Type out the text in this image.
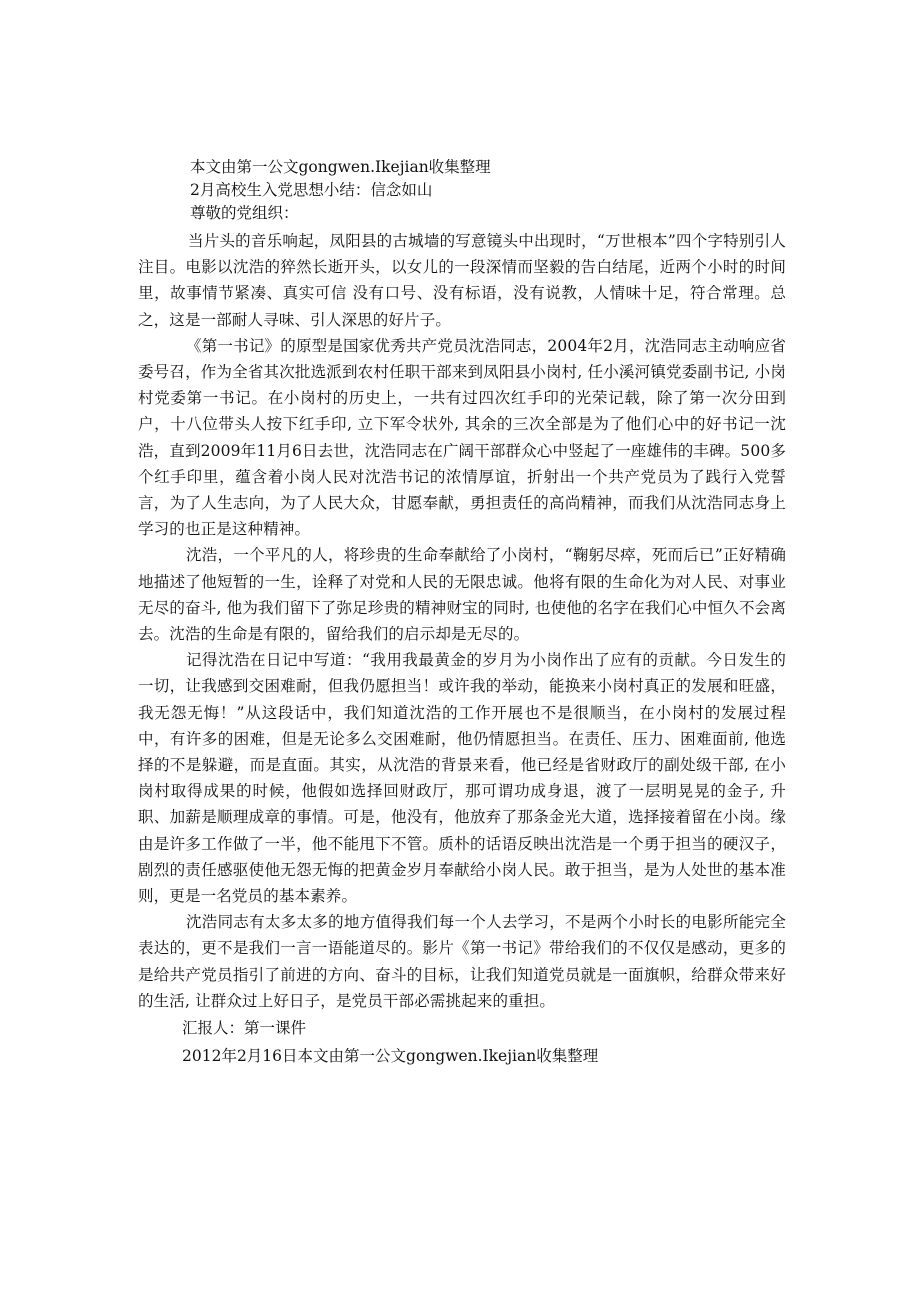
本文由第一公文gongwen.Ikejian收集整理

2月高校生入党思想小结：信念如山

尊敬的党组织：

当片头的音乐响起，凤阳县的古城墙的写意镜头中出现时，“万世根本”四个字特别引人注目。电影以沈浩的猝然长逝开头，以女儿的一段深情而坚毅的告白结尾，近两个小时的时间里，故事情节紧凑、真实可信 没有口号、没有标语，没有说教，人情味十足，符合常理。总之，这是一部耐人寻味、引人深思的好片子。

《第一书记》的原型是国家优秀共产党员沈浩同志，2004年2月，沈浩同志主动响应省委号召，作为全省其次批选派到农村任职干部来到凤阳县小岗村, 任小溪河镇党委副书记, 小岗村党委第一书记。在小岗村的历史上，一共有过四次红手印的光荣记载，除了第一次分田到户，十八位带头人按下红手印, 立下军令状外, 其余的三次全部是为了他们心中的好书记一沈浩，直到2009年11月6日去世，沈浩同志在广阔干部群众心中竖起了一座雄伟的丰碑。500多个红手印里，蕴含着小岗人民对沈浩书记的浓情厚谊，折射出一个共产党员为了践行入党誓言，为了人生志向，为了人民大众，甘愿奉献，勇担责任的高尚精神，而我们从沈浩同志身上学习的也正是这种精神。

沈浩，一个平凡的人，将珍贵的生命奉献给了小岗村，“鞠躬尽瘁，死而后已”正好精确地描述了他短暂的一生，诠释了对党和人民的无限忠诚。他将有限的生命化为对人民、对事业无尽的奋斗, 他为我们留下了弥足珍贵的精神财宝的同时, 也使他的名字在我们心中恒久不会离去。沈浩的生命是有限的，留给我们的启示却是无尽的。

记得沈浩在日记中写道：“我用我最黄金的岁月为小岗作出了应有的贡献。今日发生的一切，让我感到交困难耐，但我仍愿担当！或许我的举动，能换来小岗村真正的发展和旺盛，我无怨无悔！”从这段话中，我们知道沈浩的工作开展也不是很顺当，在小岗村的发展过程中，有许多的困难，但是无论多么交困难耐，他仍情愿担当。在责任、压力、困难面前, 他选择的不是躲避，而是直面。其实，从沈浩的背景来看，他已经是省财政厅的副处级干部, 在小岗村取得成果的时候，他假如选择回财政厅，那可谓功成身退，渡了一层明晃晃的金子, 升职、加薪是顺理成章的事情。可是，他没有，他放弃了那条金光大道，选择接着留在小岗。缘由是许多工作做了一半，他不能甩下不管。质朴的话语反映出沈浩是一个勇于担当的硬汉子，剧烈的责任感驱使他无怨无悔的把黄金岁月奉献给小岗人民。敢于担当，是为人处世的基本准则，更是一名党员的基本素养。

沈浩同志有太多太多的地方值得我们每一个人去学习，不是两个小时长的电影所能完全表达的，更不是我们一言一语能道尽的。影片《第一书记》带给我们的不仅仅是感动，更多的是给共产党员指引了前进的方向、奋斗的目标，让我们知道党员就是一面旗帜，给群众带来好的生活, 让群众过上好日子，是党员干部必需挑起来的重担。

汇报人：第一课件

2012年2月16日本文由第一公文gongwen.Ikejian收集整理
